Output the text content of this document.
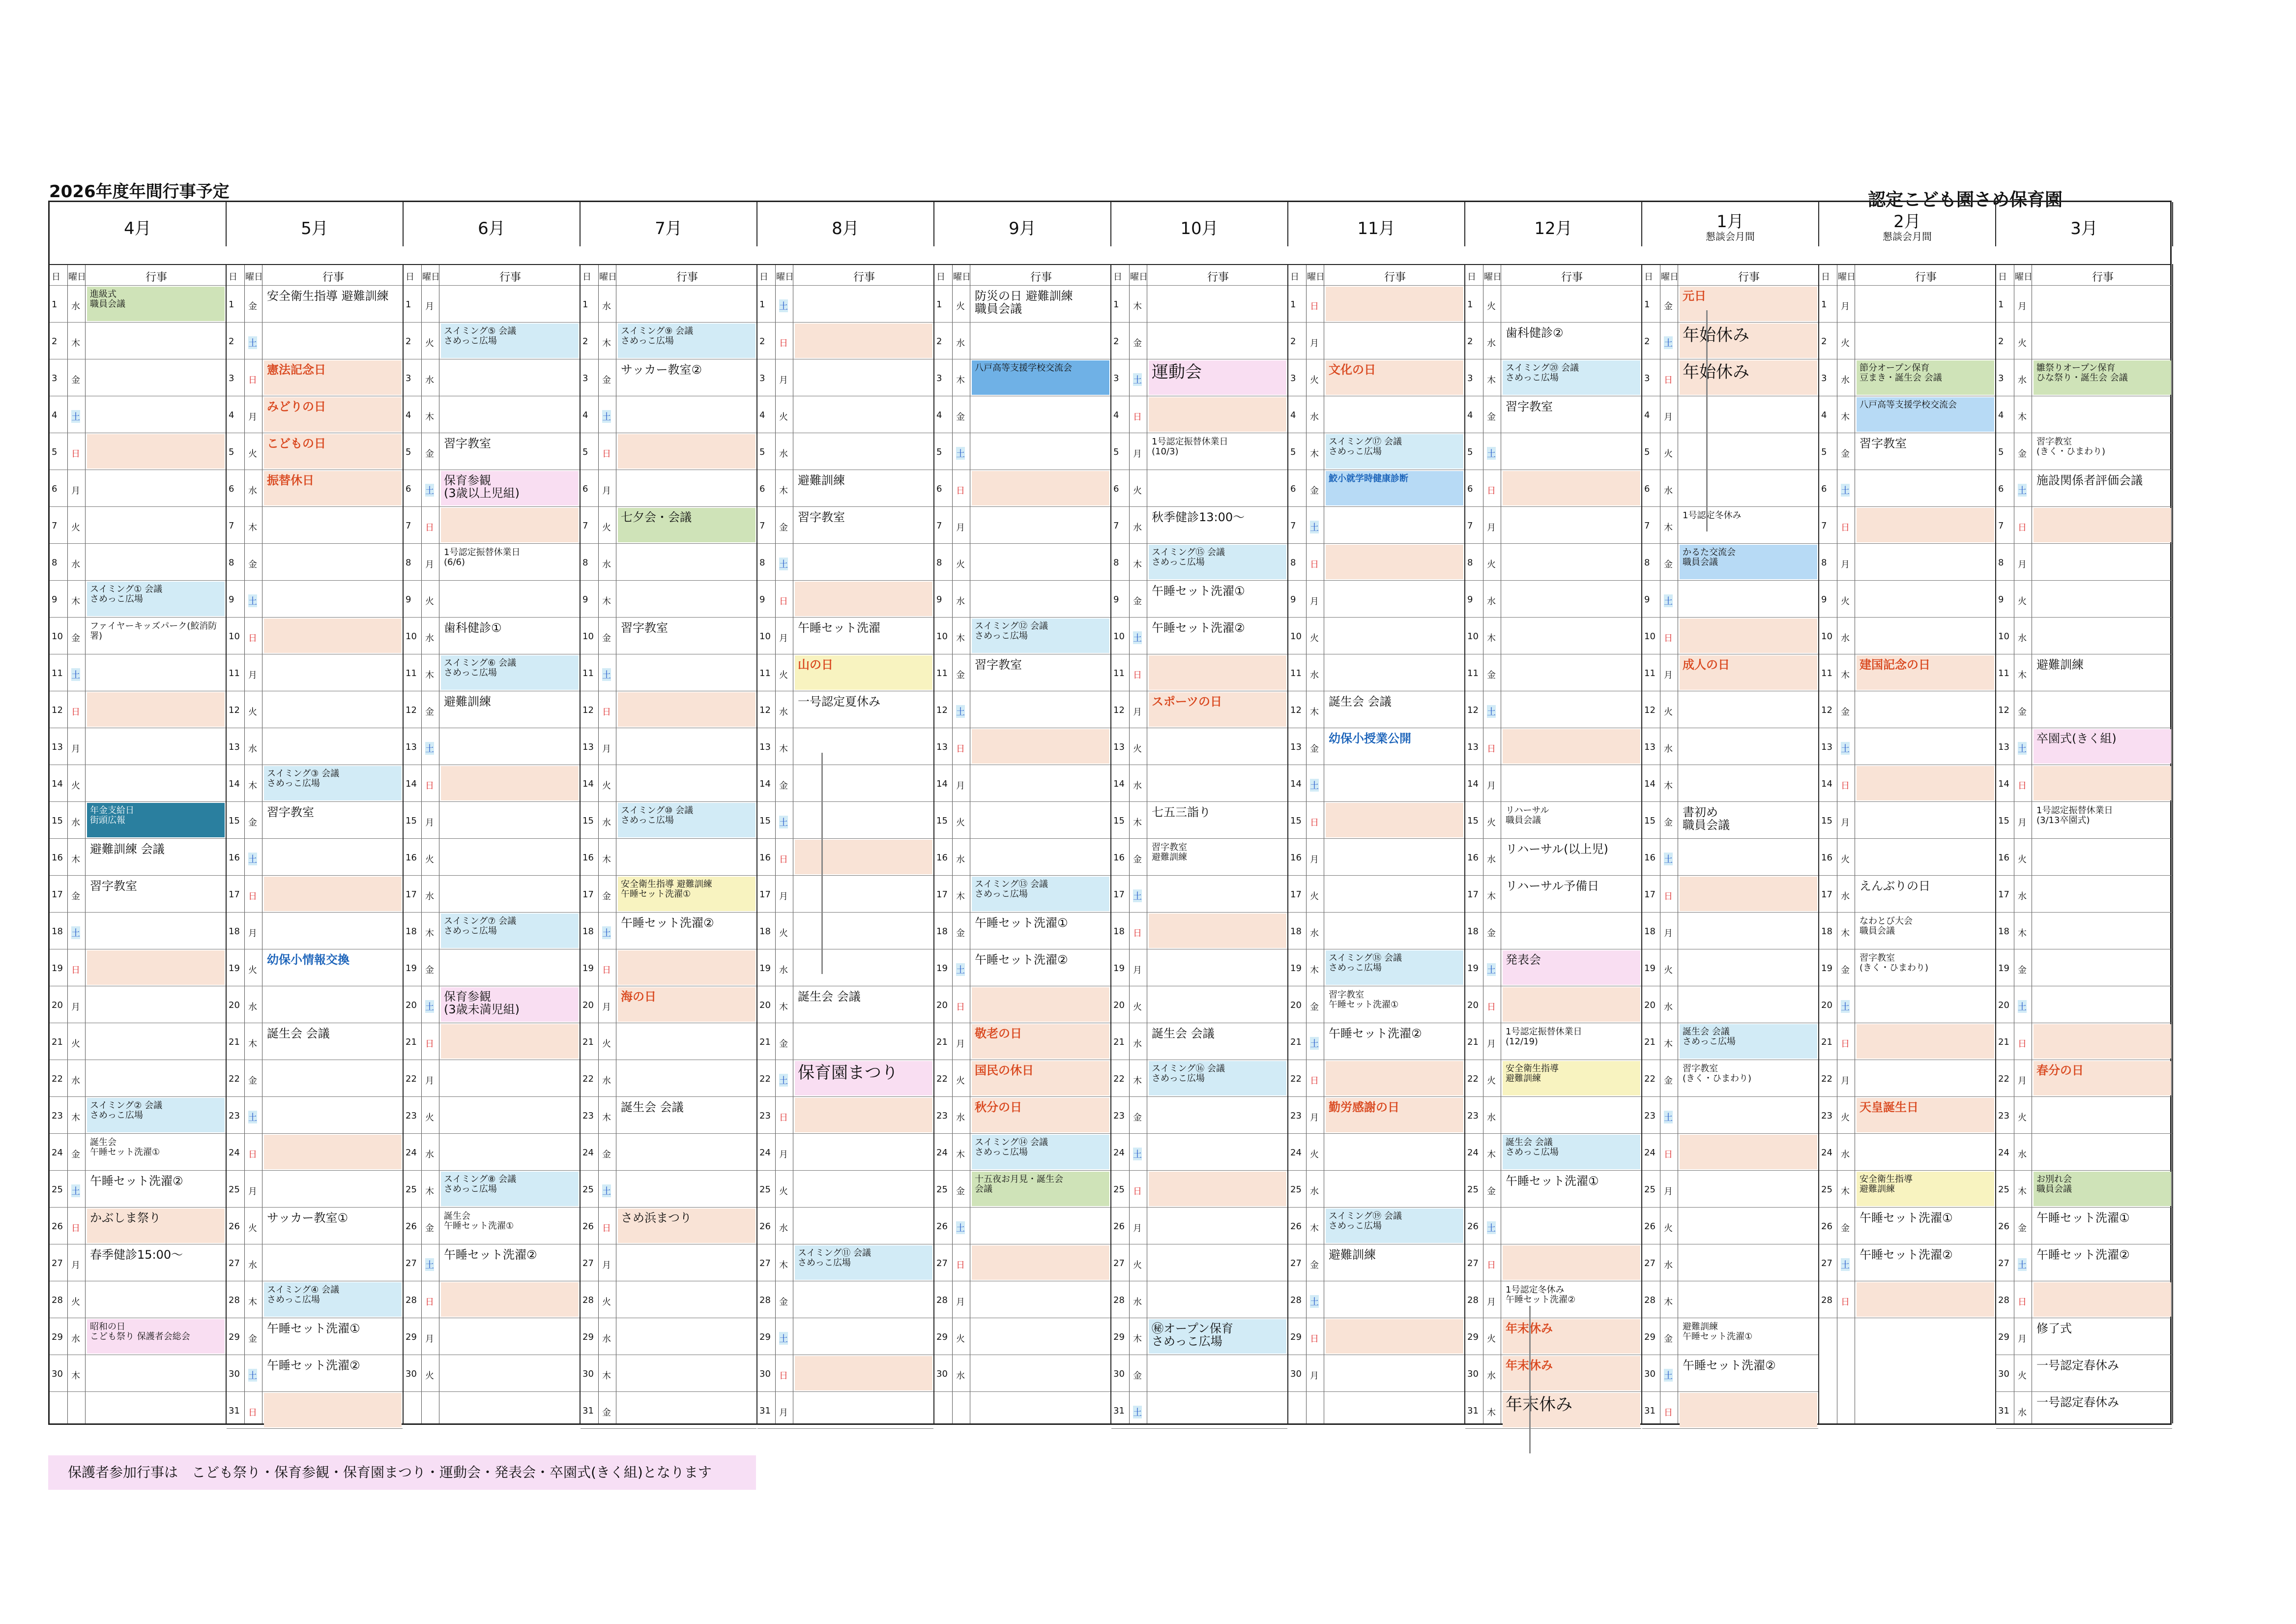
2026年度年間行事予定	認定こども園さめ保育園
4月
日 曜日	行事
1	水
進級式
職員会議
2	木
3	金
4	土
5	日
6	月
7	火
8	水
9	木
スイミング① 会議
さめっこ広場
10 金
ファイヤーキッズパーク(鮫消防署)
11 土
12 日
13 月
14 火
15 水
年金支給日
街頭広報
16 木
避難訓練 会議
17 金
習字教室
18 土
19 日
20 月
21 火
22 水
23 木
スイミング② 会議
さめっこ広場
24 金
誕生会
午睡セット洗濯①
25 土
午睡セット洗濯②
26 日
かぶしま祭り
27 月
春季健診15:00～
28 火
29 水
昭和の日
こども祭り 保護者会総会
30 木
5月
日 曜日	行事
1	金
安全衛生指導 避難訓練
2	土
3	日
憲法記念日
4	月
みどりの日
5	火
こどもの日
6	水
振替休日
7	木
8	金
9	土
10 日
11 月
12 火
13 水
14 木
スイミング③ 会議
さめっこ広場
15 金
習字教室
16 土
17 日
18 月
19 火
幼保小情報交換
20 水
21 木
誕生会 会議
22 金
23 土
24 日
25 月
26 火
サッカー教室①
27 水
28 木
スイミング④ 会議
さめっこ広場
29 金
午睡セット洗濯①
30 土
午睡セット洗濯②
31 日
6月
日 曜日	行事
1	月
2	火
スイミング⑤ 会議
さめっこ広場
3	水
4	木
5	金
習字教室
6	土
保育参観
(3歳以上児組)
7	日
8	月
1号認定振替休業日
(6/6)
9	火
10 水
歯科健診①
11 木
スイミング⑥ 会議
さめっこ広場
12 金
避難訓練
13 土
14 日
15 月
16 火
17 水
18 木
スイミング⑦ 会議
さめっこ広場
19 金
20 土
保育参観
(3歳未満児組)
21 日
22 月
23 火
24 水
25 木
スイミング⑧ 会議
さめっこ広場
26 金
誕生会
午睡セット洗濯①
27 土
午睡セット洗濯②
28 日
29 月
30 火
7月
日 曜日	行事
1	水
2	木
スイミング⑨ 会議
さめっこ広場
3	金
サッカー教室②
4	土
5	日
6	月
7	火
七夕会・会議
8	水
9	木
10 金
習字教室
11 土
12 日
13 月
14 火
15 水
スイミング⑩ 会議
さめっこ広場
16 木
17 金
安全衛生指導 避難訓練
午睡セット洗濯①
18 土
午睡セット洗濯②
19 日
20 月
海の日
21 火
22 水
23 木
誕生会 会議
24 金
25 土
26 日
さめ浜まつり
27 月
28 火
29 水
30 木
31 金
8月
日 曜日	行事
1	土
2	日
3	月
4	火
5	水
6	木
避難訓練
7	金
習字教室
8	土
9	日
10 月
午睡セット洗濯
11 火
山の日
12 水
一号認定夏休み
13 木
14 金
15 土
16 日
17 月
18 火
19 水
20 木
誕生会 会議
21 金
22 土 保育園まつり
23 日
24 月
25 火
26 水
27 木
スイミング⑪ 会議
さめっこ広場
28 金
29 土
30 日
31 月
9月
日 曜日	行事
1	火
防災の日 避難訓練
職員会議
2	水
3	木
八戸高等支援学校交流会
4	金
5	土
6	日
7	月
8	火
9	水
10 木
スイミング⑫ 会議
さめっこ広場
11 金
習字教室
12 土
13 日
14 月
15 火
16 水
17 木
スイミング⑬ 会議
さめっこ広場
18 金
午睡セット洗濯①
19 土
午睡セット洗濯②
20 日
21 月
敬老の日
22 火
国民の休日
23 水
秋分の日
24 木
スイミング⑭ 会議
さめっこ広場
25 金
十五夜お月見・誕生会
会議
26 土
27 日
28 月
29 火
30 水
10月
日 曜日	行事
1	木
2	金
3	土 運動会
4	日
5	月
1号認定振替休業日
(10/3)
6	火
7	水
秋季健診13:00～
8	木
スイミング⑮ 会議
さめっこ広場
9	金
午睡セット洗濯①
10 土
午睡セット洗濯②
11 日
12 月
スポーツの日
13 火
14 水
15 木
七五三詣り
16 金
習字教室
避難訓練
17 土
18 日
19 月
20 火
21 水
誕生会 会議
22 木
スイミング⑯ 会議
さめっこ広場
23 金
24 土
25 日
26 月
27 火
28 水
29 木
㊙オープン保育
さめっこ広場
30 金
31 土
11月
日 曜日	行事
1	日
2	月
3	火
文化の日
4	水
5	木
スイミング⑰ 会議
さめっこ広場
6	金
鮫小就学時健康診断
7	土
8	日
9	月
10 火
11 水
12 木
誕生会 会議
13 金
幼保小授業公開
14 土
15 日
16 月
17 火
18 水
19 木
スイミング⑱ 会議
さめっこ広場
20 金
習字教室
午睡セット洗濯①
21 土
午睡セット洗濯②
22 日
23 月
勤労感謝の日
24 火
25 水
26 木
スイミング⑲ 会議
さめっこ広場
27 金
避難訓練
28 土
29 日
30 月
12月
日 曜日	行事
1	火
2	水
歯科健診②
3	木
スイミング⑳ 会議
さめっこ広場
4	金
習字教室
5	土
6	日
7	月
8	火
9	水
10 木
11 金
12 土
13 日
14 月
15 火
リハーサル
職員会議
16 水
リハーサル(以上児)
17 木
リハーサル予備日
18 金
19 土
発表会
20 日
21 月
1号認定振替休業日
(12/19)
22 火
安全衛生指導
避難訓練
23 水
24 木
誕生会 会議
さめっこ広場
25 金
午睡セット洗濯①
26 土
27 日
28 月
1号認定冬休み
午睡セット洗濯②
29 火
年末休み
30 水
年末休み
31 木 年末休み
1月
懇談会月間
日 曜日	行事
1	金
元日
2	土 年始休み
3	日 年始休み
4	月
5	火
6	水
7	木
1号認定冬休み
8	金
かるた交流会
職員会議
9	土
10 日
11 月
成人の日
12 火
13 水
14 木
15 金
書初め
職員会議
16 土
17 日
18 月
19 火
20 水
21 木
誕生会 会議
さめっこ広場
22 金
習字教室
(きく・ひまわり)
23 土
24 日
25 月
26 火
27 水
28 木
29 金
避難訓練
午睡セット洗濯①
30 土
午睡セット洗濯②
31 日
2月
懇談会月間
日 曜日	行事
1	月
2	火
3	水
節分オープン保育
豆まき・誕生会 会議
4	木
八戸高等支援学校交流会
5	金
習字教室
6	土
7	日
8	月
9	火
10 水
11 木
建国記念の日
12 金
13 土
14 日
15 月
16 火
17 水
えんぶりの日
18 木
なわとび大会
職員会議
19 金
習字教室
(きく・ひまわり)
20 土
21 日
22 月
23 火
天皇誕生日
24 水
25 木
安全衛生指導
避難訓練
26 金
午睡セット洗濯①
27 土
午睡セット洗濯②
28 日
3月
日 曜日	行事
1	月
2	火
3	水
雛祭りオープン保育
ひな祭り・誕生会 会議
4	木
5	金
習字教室
(きく・ひまわり)
6	土
施設関係者評価会議
7	日
8	月
9	火
10 水
11 木
避難訓練
12 金
13 土
卒園式(きく組)
14 日
15 月
1号認定振替休業日
(3/13卒園式)
16 火
17 水
18 木
19 金
20 土
21 日
22 月
春分の日
23 火
24 水
25 木
お別れ会
職員会議
26 金
午睡セット洗濯①
27 土
午睡セット洗濯②
28 日
29 月
修了式
30 火
一号認定春休み
31 水
一号認定春休み
保護者参加行事は　こども祭り・保育参観・保育園まつり・運動会・発表会・卒園式(きく組)となります
